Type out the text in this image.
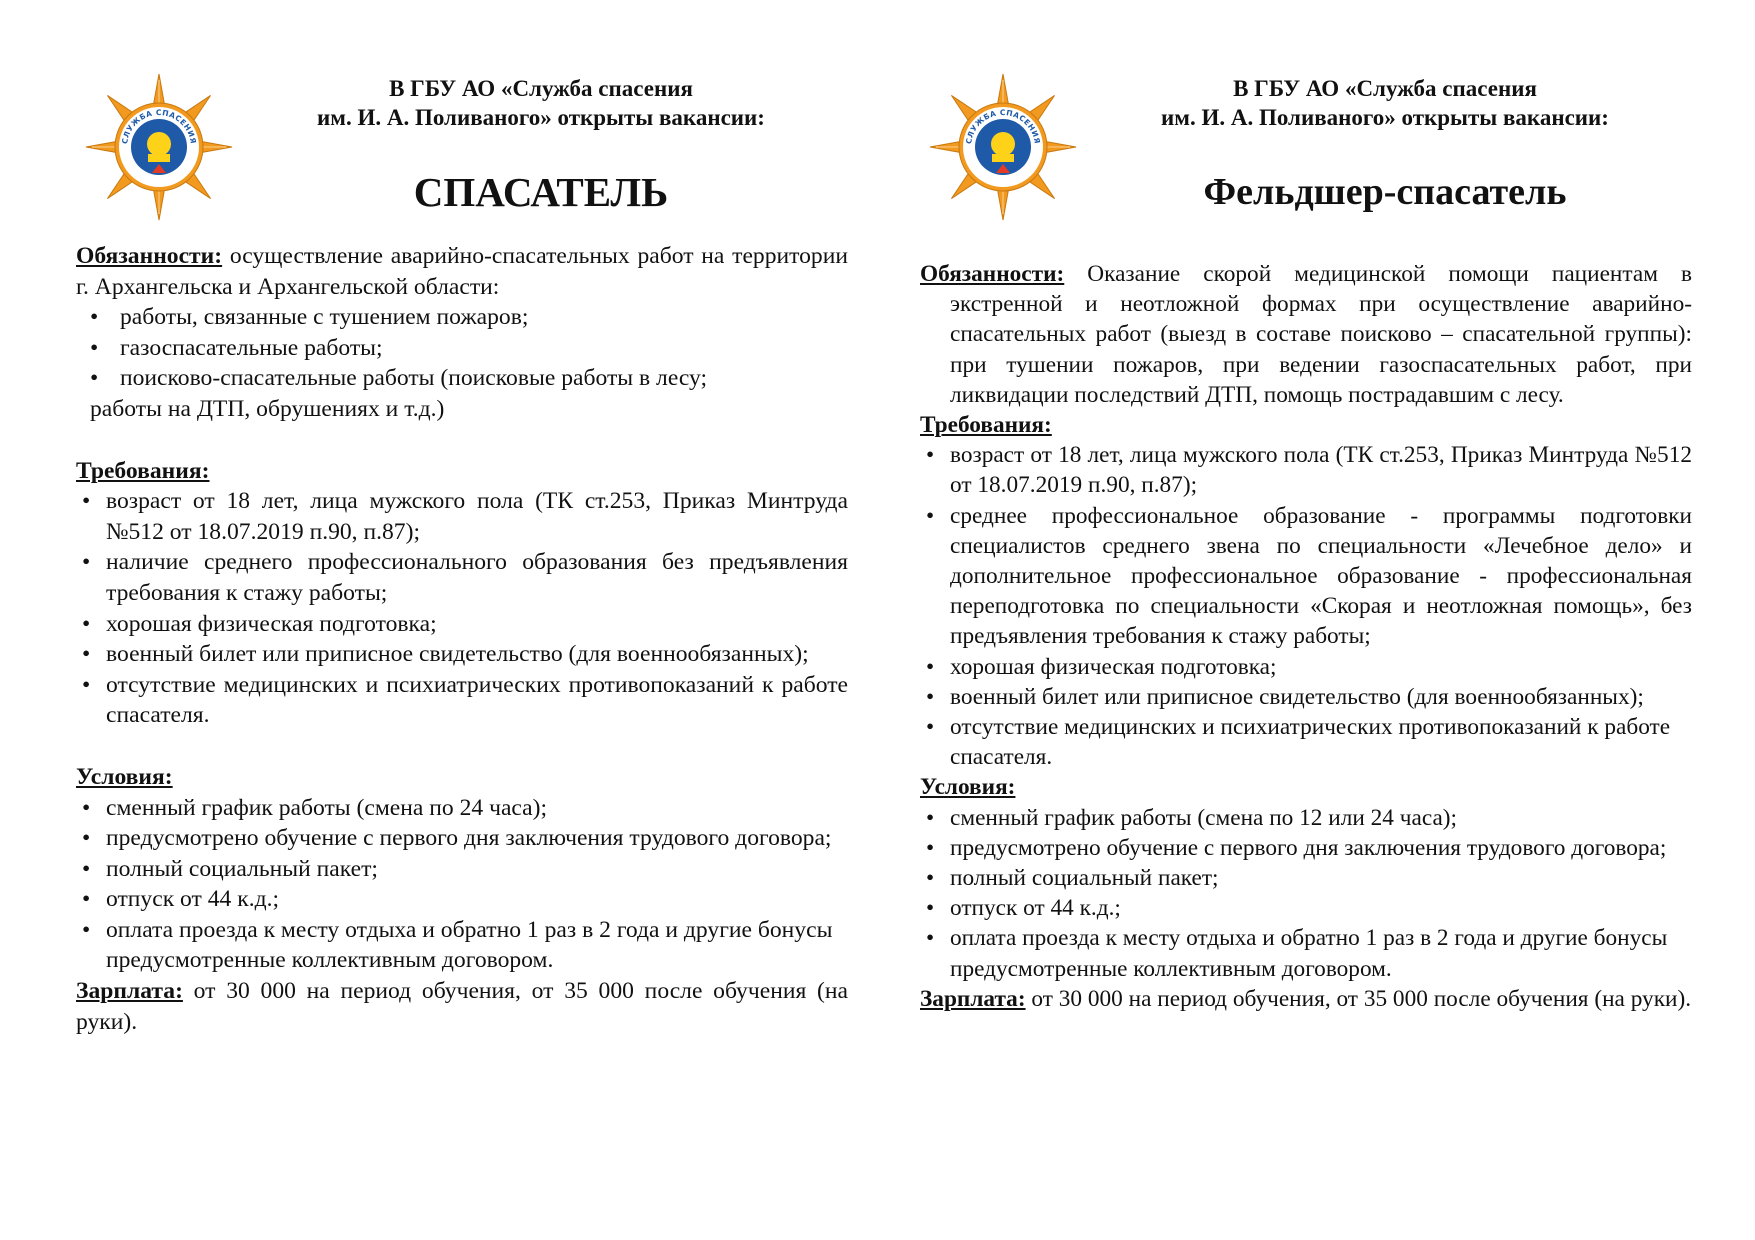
СЛУЖБА СПАСЕНИЯ
В ГБУ АО «Служба спасения
им. И. А. Поливаного» открыты вакансии:
СПАСАТЕЛЬ

Обязанности: осуществление аварийно-спасательных работ на территории г. Архангельска и Архангельской области:

• работы, связанные с тушением пожаров;
• газоспасательные работы;
• поисково-спасательные работы (поисковые работы в лесу;
работы на ДТП, обрушениях и т.д.)

Требования:

• возраст от 18 лет, лица мужского пола (ТК ст.253, Приказ Минтруда №512 от 18.07.2019 п.90, п.87);
• наличие среднего профессионального образования без предъявления требования к стажу работы;
• хорошая физическая подготовка;
• военный билет или приписное свидетельство (для военнообязанных);
• отсутствие медицинских и психиатрических противопоказаний к работе спасателя.

Условия:

• сменный график работы (смена по 24 часа);
• предусмотрено обучение с первого дня заключения трудового договора;
• полный социальный пакет;
• отпуск от 44 к.д.;
• оплата проезда к месту отдыха и обратно 1 раз в 2 года и другие бонусы предусмотренные коллективным договором.

Зарплата: от 30 000 на период обучения, от 35 000 после обучения (на руки).

СЛУЖБА СПАСЕНИЯ
В ГБУ АО «Служба спасения
им. И. А. Поливаного» открыты вакансии:
Фельдшер-спасатель

Обязанности: Оказание скорой медицинской помощи пациентам в экстренной и неотложной формах при осуществление аварийно-спасательных работ (выезд в составе поисково – спасательной группы): при тушении пожаров, при ведении газоспасательных работ, при ликвидации последствий ДТП, помощь пострадавшим с лесу.

Требования:

• возраст от 18 лет, лица мужского пола (ТК ст.253, Приказ Минтруда №512 от 18.07.2019 п.90, п.87);
• среднее профессиональное образование - программы подготовки специалистов среднего звена по специальности «Лечебное дело» и дополнительное профессиональное образование - профессиональная переподготовка по специальности «Скорая и неотложная помощь», без предъявления требования к стажу работы;
• хорошая физическая подготовка;
• военный билет или приписное свидетельство (для военнообязанных);
• отсутствие медицинских и психиатрических противопоказаний к работе спасателя.

Условия:

• сменный график работы (смена по 12 или 24 часа);
• предусмотрено обучение с первого дня заключения трудового договора;
• полный социальный пакет;
• отпуск от 44 к.д.;
• оплата проезда к месту отдыха и обратно 1 раз в 2 года и другие бонусы предусмотренные коллективным договором.

Зарплата: от 30 000 на период обучения, от 35 000 после обучения (на руки).
